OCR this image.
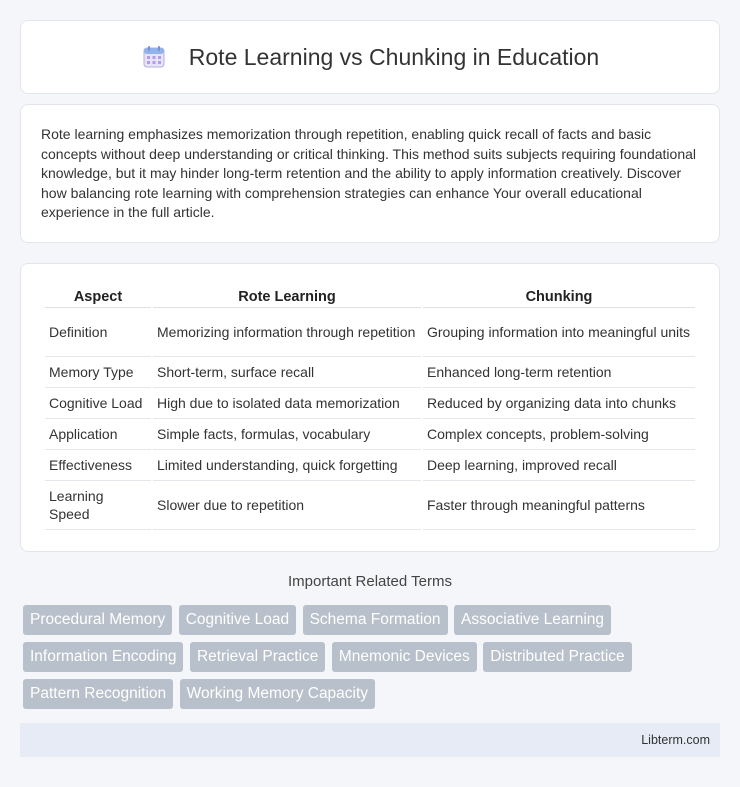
Rote Learning vs Chunking in Education

Rote learning emphasizes memorization through repetition, enabling quick recall of facts and basic concepts without deep understanding or critical thinking. This method suits subjects requiring foundational knowledge, but it may hinder long-term retention and the ability to apply information creatively. Discover how balancing rote learning with comprehension strategies can enhance Your overall educational experience in the full article.

Aspect	Rote Learning	Chunking
Definition	Memorizing information through repetition	Grouping information into meaningful units
Memory Type	Short-term, surface recall	Enhanced long-term retention
Cognitive Load	High due to isolated data memorization	Reduced by organizing data into chunks
Application	Simple facts, formulas, vocabulary	Complex concepts, problem-solving
Effectiveness	Limited understanding, quick forgetting	Deep learning, improved recall
Learning Speed	Slower due to repetition	Faster through meaningful patterns
Important Related Terms
Procedural Memory Cognitive Load Schema Formation Associative Learning Information Encoding Retrieval Practice Mnemonic Devices Distributed Practice Pattern Recognition Working Memory Capacity
Libterm.com
